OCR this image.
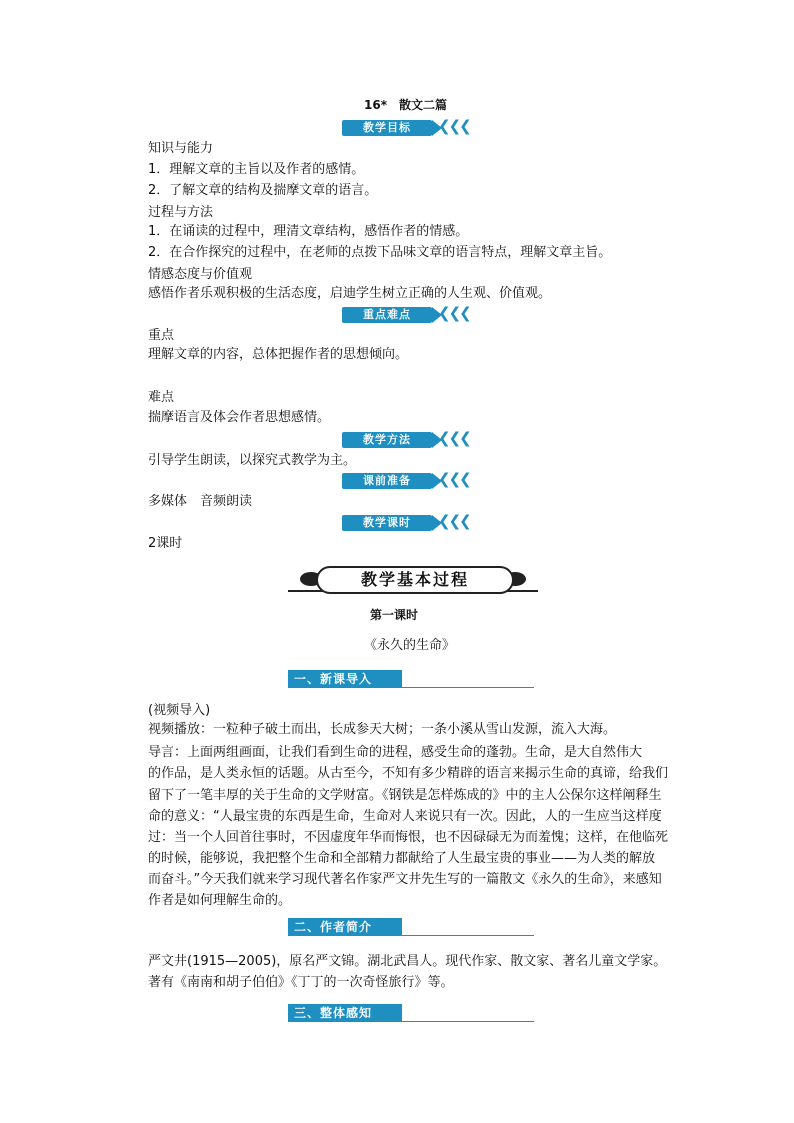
16*　散文二篇
教学目标	❮❮❮
知识与能力
1．理解文章的主旨以及作者的感情。
2．了解文章的结构及揣摩文章的语言。
过程与方法
1．在诵读的过程中，理清文章结构，感悟作者的情感。
2．在合作探究的过程中，在老师的点拨下品味文章的语言特点，理解文章主旨。
情感态度与价值观
感悟作者乐观积极的生活态度，启迪学生树立正确的人生观、价值观。
重点难点	❮❮❮
重点
理解文章的内容，总体把握作者的思想倾向。
难点
揣摩语言及体会作者思想感情。
教学方法	❮❮❮
引导学生朗读，以探究式教学为主。
课前准备	❮❮❮
多媒体　音频朗读
教学课时	❮❮❮
2课时
教学基本过程
第一课时
《永久的生命》
一、新课导入
(视频导入)
视频播放：一粒种子破土而出，长成参天大树；一条小溪从雪山发源，流入大海。
导言：上面两组画面，让我们看到生命的进程，感受生命的蓬勃。生命，是大自然伟大
的作品，是人类永恒的话题。从古至今，不知有多少精辟的语言来揭示生命的真谛，给我们
留下了一笔丰厚的关于生命的文学财富。《钢铁是怎样炼成的》中的主人公保尔这样阐释生
命的意义：“人最宝贵的东西是生命，生命对人来说只有一次。因此，人的一生应当这样度
过：当一个人回首往事时，不因虚度年华而悔恨，也不因碌碌无为而羞愧；这样，在他临死
的时候，能够说，我把整个生命和全部精力都献给了人生最宝贵的事业——为人类的解放
而奋斗。”今天我们就来学习现代著名作家严文井先生写的一篇散文《永久的生命》，来感知
作者是如何理解生命的。
二、作者简介
严文井(1915—2005)，原名严文锦。湖北武昌人。现代作家、散文家、著名儿童文学家。
著有《南南和胡子伯伯》《丁丁的一次奇怪旅行》等。
三、整体感知
